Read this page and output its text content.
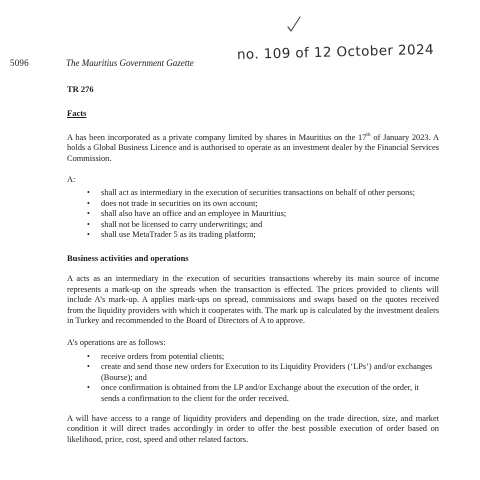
5096	The Mauritius Government Gazette
no. 109 of 12 October 2024
TR 276
Facts

A has been incorporated as a private company limited by shares in Mauritius on the 17th of January 2023. A holds a Global Business Licence and is authorised to operate as an investment dealer by the Financial Services Commission.

A:

• shall act as intermediary in the execution of securities transactions on behalf of other persons;
• does not trade in securities on its own account;
• shall also have an office and an employee in Mauritius;
• shall not be licensed to carry underwritings; and
• shall use MetaTrader 5 as its trading platform;
Business activities and operations

A acts as an intermediary in the execution of securities transactions whereby its main source of income represents a mark-up on the spreads when the transaction is effected. The prices provided to clients will include A’s mark-up. A applies mark-ups on spread, commissions and swaps based on the quotes received from the liquidity providers with which it cooperates with. The mark up is calculated by the investment dealers in Turkey and recommended to the Board of Directors of A to approve.

A’s operations are as follows:

• receive orders from potential clients;
• create and send those new orders for Execution to its Liquidity Providers (‘LPs’) and/or exchanges (Bourse); and
• once confirmation is obtained from the LP and/or Exchange about the execution of the order, it sends a confirmation to the client for the order received.

A will have access to a range of liquidity providers and depending on the trade direction, size, and market condition it will direct trades accordingly in order to offer the best possible execution of order based on likelihood, price, cost, speed and other related factors.
